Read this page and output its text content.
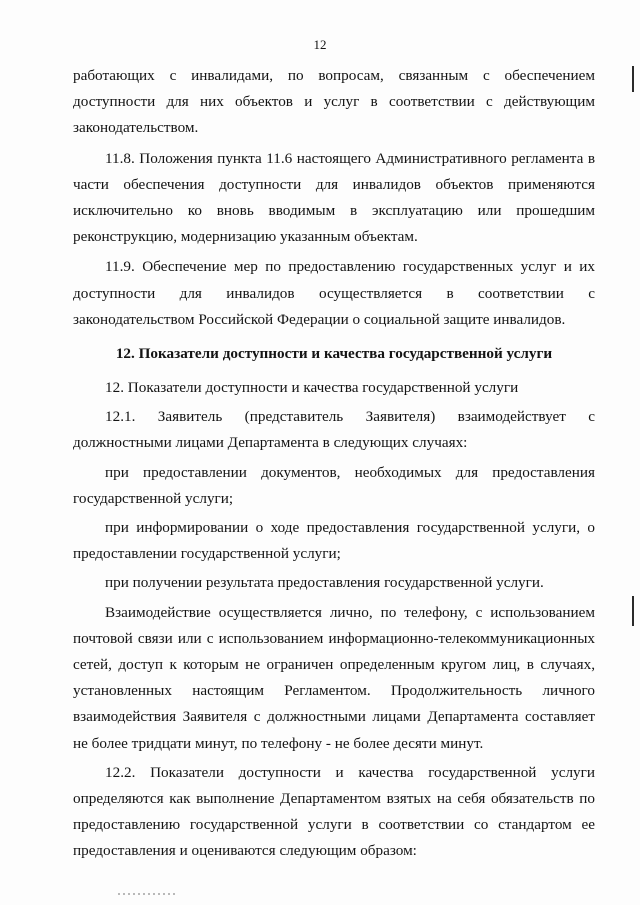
12

работающих с инвалидами, по вопросам, связанным с обеспечением доступности для них объектов и услуг в соответствии с действующим законодательством.

11.8. Положения пункта 11.6 настоящего Административного регламента в части обеспечения доступности для инвалидов объектов применяются исключительно ко вновь вводимым в эксплуатацию или прошедшим реконструкцию, модернизацию указанным объектам.

11.9. Обеспечение мер по предоставлению государственных услуг и их доступности для инвалидов осуществляется в соответствии с законодательством Российской Федерации о социальной защите инвалидов.

12. Показатели доступности и качества государственной услуги

12. Показатели доступности и качества государственной услуги

12.1. Заявитель (представитель Заявителя) взаимодействует с должностными лицами Департамента в следующих случаях:

при предоставлении документов, необходимых для предоставления государственной услуги;

при информировании о ходе предоставления государственной услуги, о предоставлении государственной услуги;

при получении результата предоставления государственной услуги.

Взаимодействие осуществляется лично, по телефону, с использованием почтовой связи или с использованием информационно-телекоммуникационных сетей, доступ к которым не ограничен определенным кругом лиц, в случаях, установленных настоящим Регламентом. Продолжительность личного взаимодействия Заявителя с должностными лицами Департамента составляет не более тридцати минут, по телефону - не более десяти минут.

12.2. Показатели доступности и качества государственной услуги определяются как выполнение Департаментом взятых на себя обязательств по предоставлению государственной услуги в соответствии со стандартом ее предоставления и оцениваются следующим образом:
